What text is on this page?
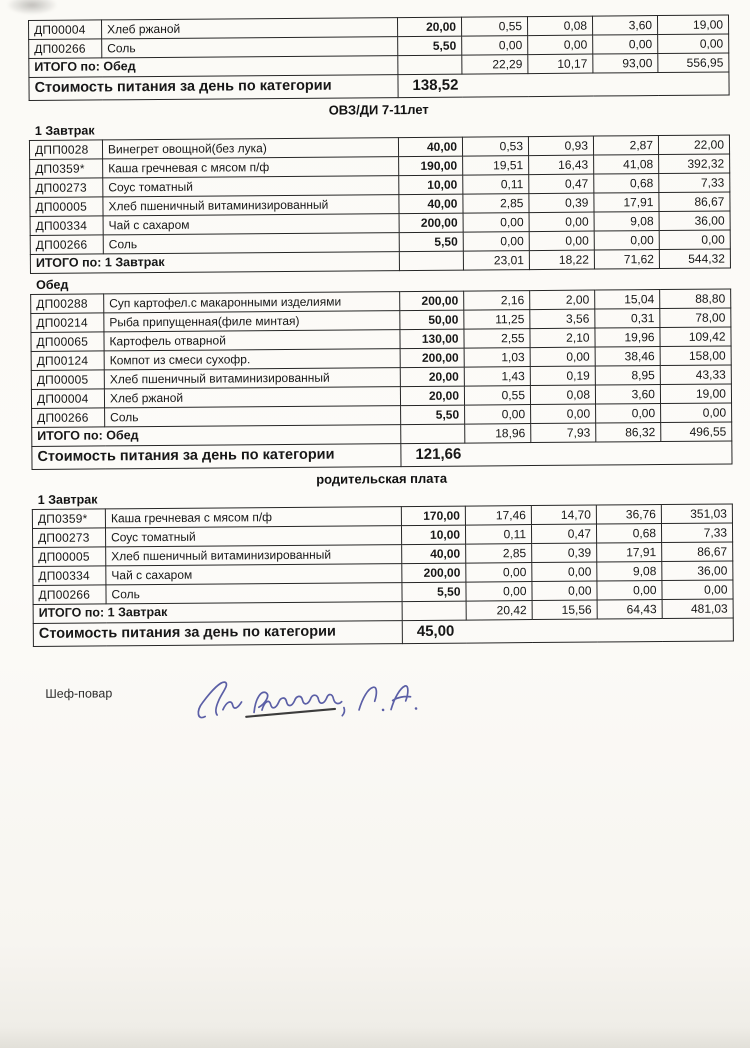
ДП00004	Хлеб ржаной	20,00	0,55	0,08	3,60	19,00
ДП00266	Соль	5,50	0,00	0,00	0,00	0,00
ИТОГО по: Обед			22,29	10,17	93,00	556,95
Стоимость питания за день по категории		138,52				
ОВЗ/ДИ 7-11лет
1 Завтрак
ДПП0028	Винегрет овощной(без лука)	40,00	0,53	0,93	2,87	22,00
ДП0359*	Каша гречневая с мясом п/ф	190,00	19,51	16,43	41,08	392,32
ДП00273	Соус томатный	10,00	0,11	0,47	0,68	7,33
ДП00005	Хлеб пшеничный витаминизированный	40,00	2,85	0,39	17,91	86,67
ДП00334	Чай с сахаром	200,00	0,00	0,00	9,08	36,00
ДП00266	Соль	5,50	0,00	0,00	0,00	0,00
ИТОГО по: 1 Завтрак			23,01	18,22	71,62	544,32
Обед
ДП00288	Суп картофел.с макаронными изделиями	200,00	2,16	2,00	15,04	88,80
ДП00214	Рыба припущенная(филе минтая)	50,00	11,25	3,56	0,31	78,00
ДП00065	Картофель отварной	130,00	2,55	2,10	19,96	109,42
ДП00124	Компот из смеси сухофр.	200,00	1,03	0,00	38,46	158,00
ДП00005	Хлеб пшеничный витаминизированный	20,00	1,43	0,19	8,95	43,33
ДП00004	Хлеб ржаной	20,00	0,55	0,08	3,60	19,00
ДП00266	Соль	5,50	0,00	0,00	0,00	0,00
ИТОГО по: Обед			18,96	7,93	86,32	496,55
Стоимость питания за день по категории		121,66				
родительская плата
1 Завтрак
ДП0359*	Каша гречневая с мясом п/ф	170,00	17,46	14,70	36,76	351,03
ДП00273	Соус томатный	10,00	0,11	0,47	0,68	7,33
ДП00005	Хлеб пшеничный витаминизированный	40,00	2,85	0,39	17,91	86,67
ДП00334	Чай с сахаром	200,00	0,00	0,00	9,08	36,00
ДП00266	Соль	5,50	0,00	0,00	0,00	0,00
ИТОГО по: 1 Завтрак			20,42	15,56	64,43	481,03
Стоимость питания за день по категории		45,00				
Шеф-повар
